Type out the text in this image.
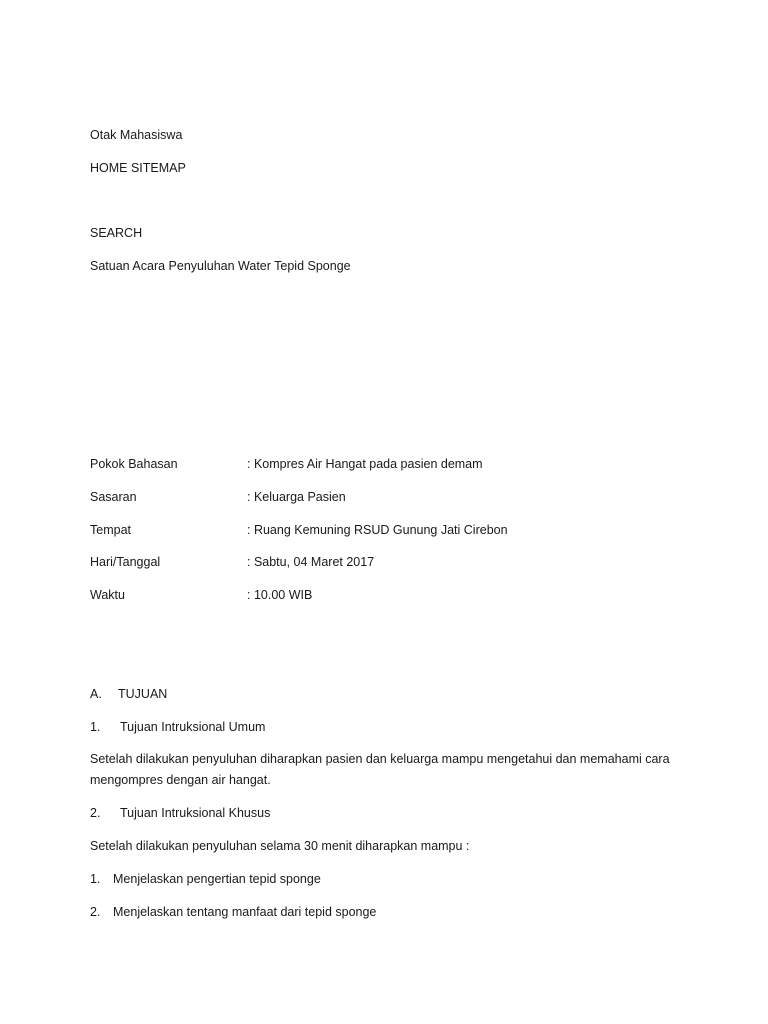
Otak Mahasiswa
HOME SITEMAP
SEARCH
Satuan Acara Penyuluhan Water Tepid Sponge
Pokok Bahasan	: Kompres Air Hangat pada pasien demam
Sasaran	: Keluarga Pasien
Tempat	: Ruang Kemuning RSUD Gunung Jati Cirebon
Hari/Tanggal	: Sabtu, 04 Maret 2017
Waktu	: 10.00 WIB
A. TUJUAN
1. Tujuan Intruksional Umum
Setelah dilakukan penyuluhan diharapkan pasien dan keluarga mampu mengetahui dan memahami cara mengompres dengan air hangat.
2. Tujuan Intruksional Khusus
Setelah dilakukan penyuluhan selama 30 menit diharapkan mampu :
1. Menjelaskan pengertian tepid sponge
2. Menjelaskan tentang manfaat dari tepid sponge
